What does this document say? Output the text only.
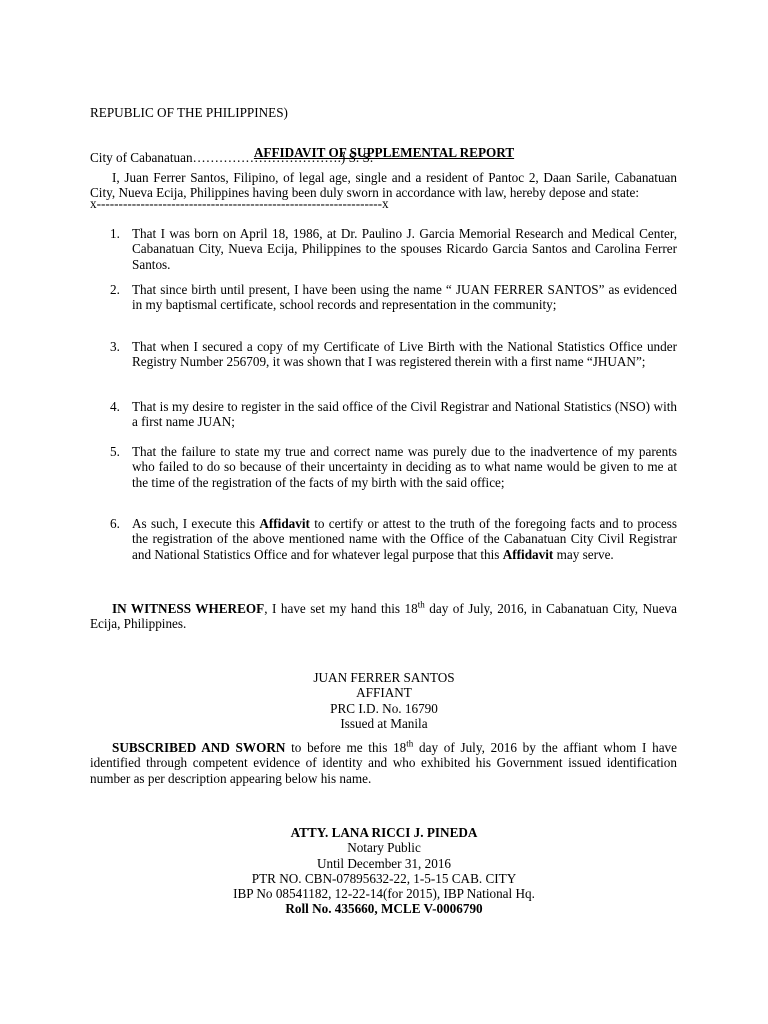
REPUBLIC OF THE PHILIPPINES)

City of Cabanatuan…………………………….) S. S.

x-----------------------------------------------------------------x

AFFIDAVIT OF SUPPLEMENTAL REPORT
I, Juan Ferrer Santos, Filipino, of legal age, single and a resident of Pantoc 2, Daan Sarile, Cabanatuan City, Nueva Ecija, Philippines having been duly sworn in accordance with law, hereby depose and state:
1. That I was born on April 18, 1986, at Dr. Paulino J. Garcia Memorial Research and Medical Center, Cabanatuan City, Nueva Ecija, Philippines to the spouses Ricardo Garcia Santos and Carolina Ferrer Santos.
2. That since birth until present, I have been using the name “ JUAN FERRER SANTOS” as evidenced in my baptismal certificate, school records and representation in the community;
3. That when I secured a copy of my Certificate of Live Birth with the National Statistics Office under Registry Number 256709, it was shown that I was registered therein with a first name “JHUAN”;
4. That is my desire to register in the said office of the Civil Registrar and National Statistics (NSO) with a first name JUAN;
5. That the failure to state my true and correct name was purely due to the inadvertence of my parents who failed to do so because of their uncertainty in deciding as to what name would be given to me at the time of the registration of the facts of my birth with the said office;
6. As such, I execute this Affidavit to certify or attest to the truth of the foregoing facts and to process the registration of the above mentioned name with the Office of the Cabanatuan City Civil Registrar and National Statistics Office and for whatever legal purpose that this Affidavit may serve.
IN WITNESS WHEREOF, I have set my hand this 18th day of July, 2016, in Cabanatuan City, Nueva Ecija, Philippines.
JUAN FERRER SANTOS
AFFIANT
PRC I.D. No. 16790
Issued at Manila
SUBSCRIBED AND SWORN to before me this 18th day of July, 2016 by the affiant whom I have identified through competent evidence of identity and who exhibited his Government issued identification number as per description appearing below his name.
ATTY. LANA RICCI J. PINEDA
Notary Public
Until December 31, 2016
PTR NO. CBN-07895632-22, 1-5-15 CAB. CITY
IBP No 08541182, 12-22-14(for 2015), IBP National Hq.
Roll No. 435660, MCLE V-0006790
